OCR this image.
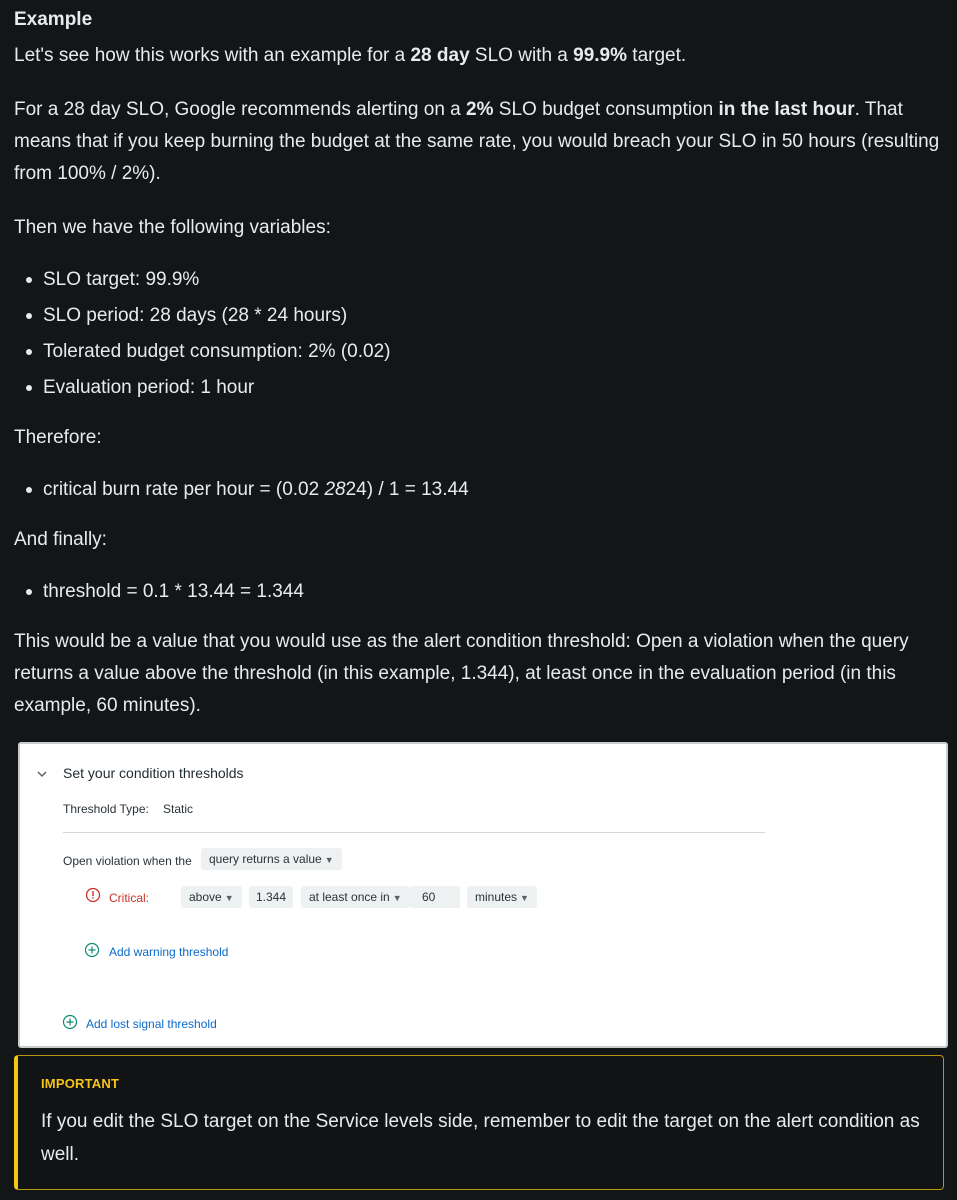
Example

Let's see how this works with an example for a 28 day SLO with a 99.9% target.

For a 28 day SLO, Google recommends alerting on a 2% SLO budget consumption in the last hour. That means that if you keep burning the budget at the same rate, you would breach your SLO in 50 hours (resulting from 100% / 2%).

Then we have the following variables:

SLO target: 99.9%
SLO period: 28 days (28 * 24 hours)
Tolerated budget consumption: 2% (0.02)
Evaluation period: 1 hour

Therefore:

critical burn rate per hour = (0.02 2824) / 1 = 13.44

And finally:

threshold = 0.1 * 13.44 = 1.344

This would be a value that you would use as the alert condition threshold: Open a violation when the query returns a value above the threshold (in this example, 1.344), at least once in the evaluation period (in this example, 60 minutes).

Set your condition thresholds
Threshold Type: Static
Open violation when the	query returns a value ▼
Critical:	above ▼	1.344	at least once in ▼	60	minutes ▼
Add warning threshold
Add lost signal threshold
IMPORTANT
If you edit the SLO target on the Service levels side, remember to edit the target on the alert condition as well.
